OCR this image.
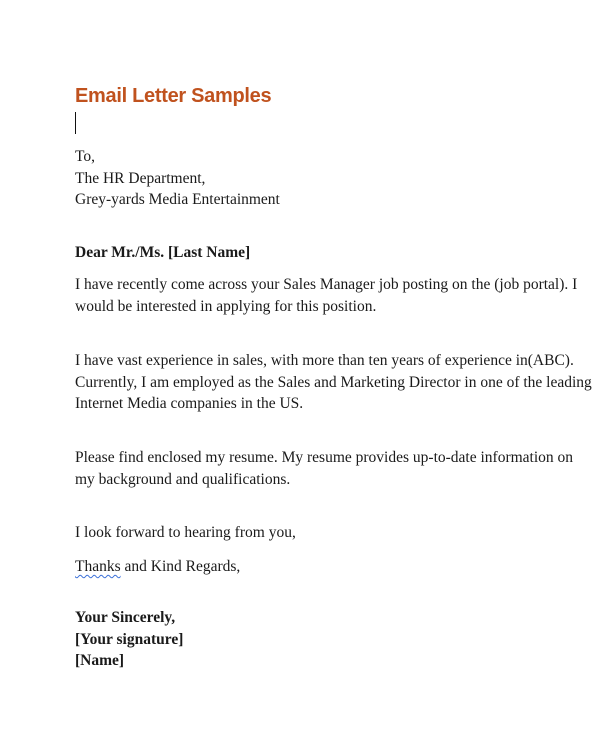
Email Letter Samples
To,
The HR Department,
Grey-yards Media Entertainment
Dear Mr./Ms. [Last Name]
I have recently come across your Sales Manager job posting on the (job portal). I
would be interested in applying for this position.
I have vast experience in sales, with more than ten years of experience in(ABC).
Currently, I am employed as the Sales and Marketing Director in one of the leading
Internet Media companies in the US.
Please find enclosed my resume. My resume provides up-to-date information on
my background and qualifications.
I look forward to hearing from you,
Thanks and Kind Regards,
Your Sincerely,
[Your signature]
[Name]
